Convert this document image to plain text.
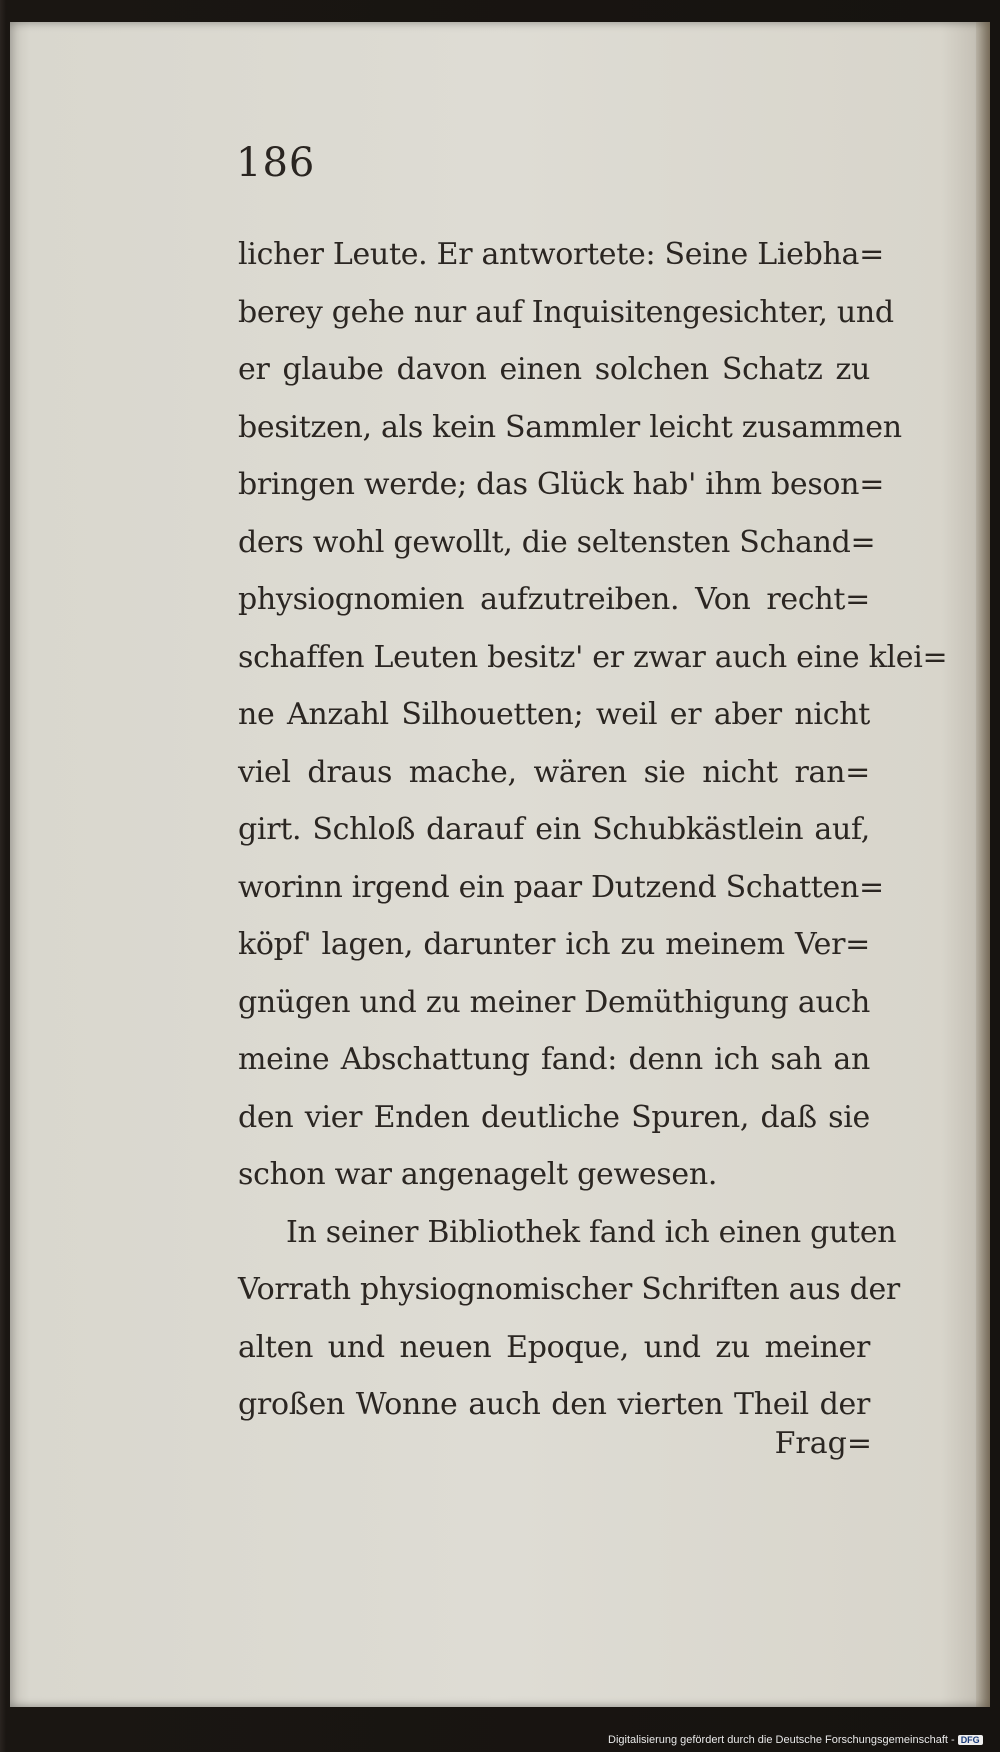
186
licher Leute. Er antwortete: Seine Liebha=
berey gehe nur auf Inquisitengesichter, und
er glaube davon einen solchen Schatz zu
besitzen, als kein Sammler leicht zusammen
bringen werde; das Glück hab' ihm beson=
ders wohl gewollt, die seltensten Schand=
physiognomien aufzutreiben. Von recht=
schaffen Leuten besitz' er zwar auch eine klei=
ne Anzahl Silhouetten; weil er aber nicht
viel draus mache, wären sie nicht ran=
girt. Schloß darauf ein Schubkästlein auf,
worinn irgend ein paar Dutzend Schatten=
köpf' lagen, darunter ich zu meinem Ver=
gnügen und zu meiner Demüthigung auch
meine Abschattung fand: denn ich sah an
den vier Enden deutliche Spuren, daß sie
schon war angenagelt gewesen.
In seiner Bibliothek fand ich einen guten
Vorrath physiognomischer Schriften aus der
alten und neuen Epoque, und zu meiner
großen Wonne auch den vierten Theil der
Frag=
Digitalisierung gefördert durch die Deutsche Forschungsgemeinschaft - DFG
